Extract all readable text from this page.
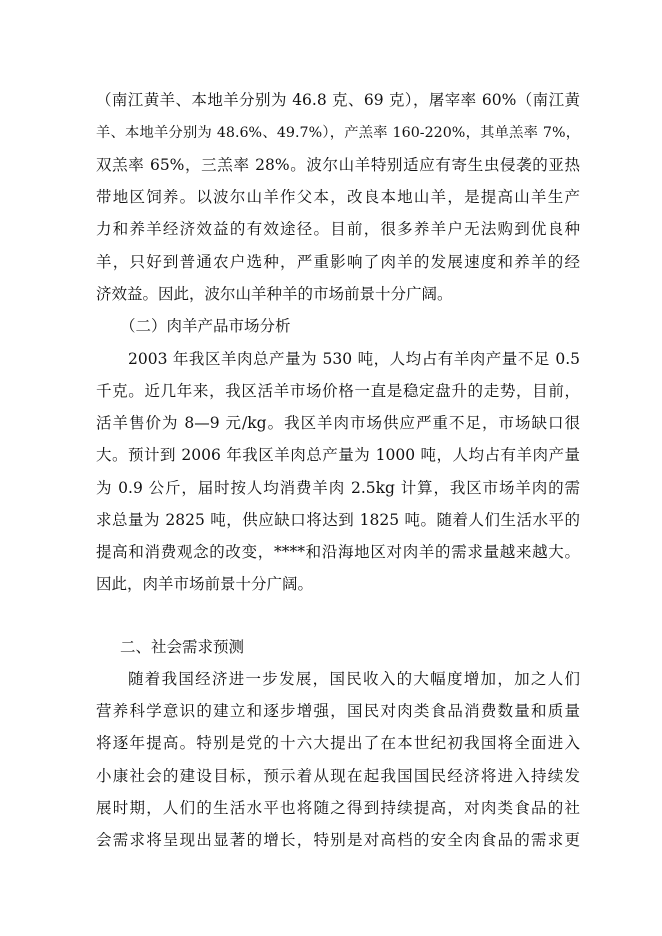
（南江黄羊、本地羊分别为 46.8 克、69 克），屠宰率 60%（南江黄
羊、本地羊分别为 48.6%、49.7%），产羔率 160-220%，其单羔率 7%，
双羔率 65%，三羔率 28%。波尔山羊特别适应有寄生虫侵袭的亚热
带地区饲养。以波尔山羊作父本，改良本地山羊，是提高山羊生产
力和养羊经济效益的有效途径。目前，很多养羊户无法购到优良种
羊，只好到普通农户选种，严重影响了肉羊的发展速度和养羊的经
济效益。因此，波尔山羊种羊的市场前景十分广阔。
（二）肉羊产品市场分析
2003 年我区羊肉总产量为 530 吨，人均占有羊肉产量不足 0.5
千克。近几年来，我区活羊市场价格一直是稳定盘升的走势，目前，
活羊售价为 8—9 元/kg。我区羊肉市场供应严重不足，市场缺口很
大。预计到 2006 年我区羊肉总产量为 1000 吨，人均占有羊肉产量
为 0.9 公斤，届时按人均消费羊肉 2.5kg 计算，我区市场羊肉的需
求总量为 2825 吨，供应缺口将达到 1825 吨。随着人们生活水平的
提高和消费观念的改变，****和沿海地区对肉羊的需求量越来越大。
因此，肉羊市场前景十分广阔。
二、社会需求预测
随着我国经济进一步发展，国民收入的大幅度增加，加之人们
营养科学意识的建立和逐步增强，国民对肉类食品消费数量和质量
将逐年提高。特别是党的十六大提出了在本世纪初我国将全面进入
小康社会的建设目标，预示着从现在起我国国民经济将进入持续发
展时期，人们的生活水平也将随之得到持续提高，对肉类食品的社
会需求将呈现出显著的增长，特别是对高档的安全肉食品的需求更
